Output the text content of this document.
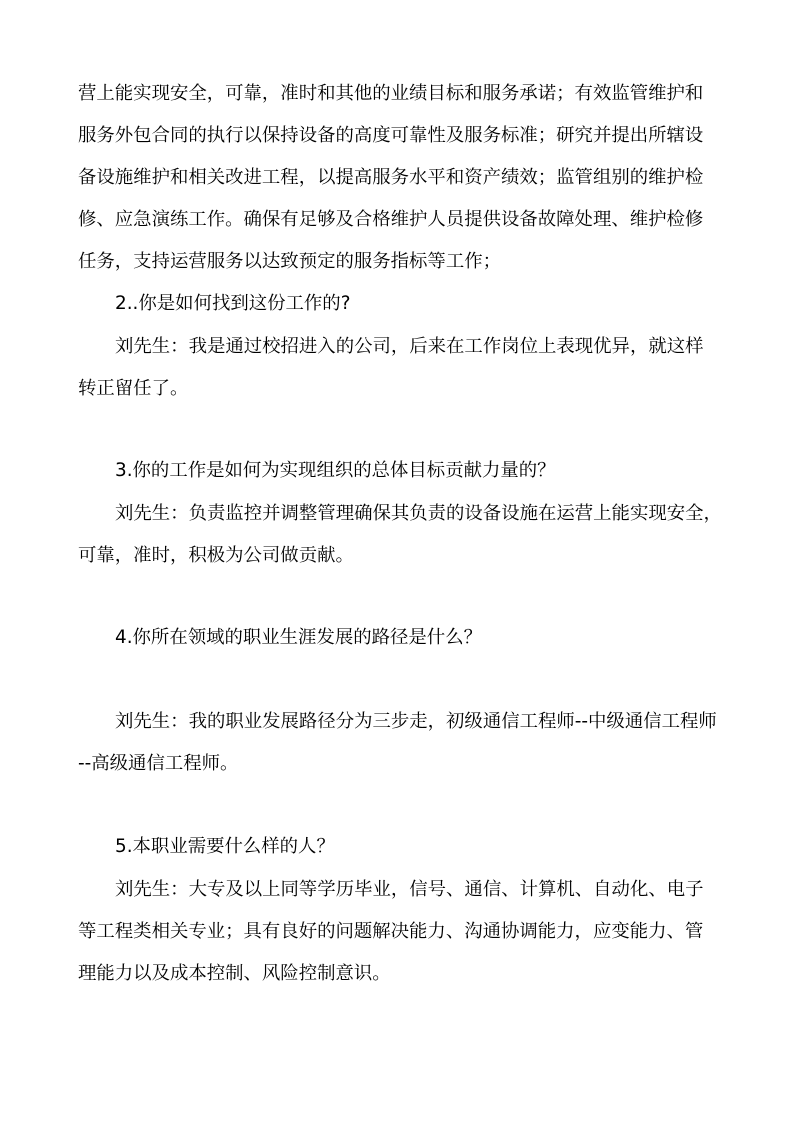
营上能实现安全，可靠，准时和其他的业绩目标和服务承诺；有效监管维护和
服务外包合同的执行以保持设备的高度可靠性及服务标准；研究并提出所辖设
备设施维护和相关改进工程，以提高服务水平和资产绩效；监管组别的维护检
修、应急演练工作。确保有足够及合格维护人员提供设备故障处理、维护检修
任务，支持运营服务以达致预定的服务指标等工作；
2..你是如何找到这份工作的?
刘先生：我是通过校招进入的公司，后来在工作岗位上表现优异，就这样
转正留任了。
3.你的工作是如何为实现组织的总体目标贡献力量的？
刘先生：负责监控并调整管理确保其负责的设备设施在运营上能实现安全，
可靠，准时，积极为公司做贡献。
4.你所在领域的职业生涯发展的路径是什么？
刘先生：我的职业发展路径分为三步走，初级通信工程师--中级通信工程师
--高级通信工程师。
5.本职业需要什么样的人？
刘先生：大专及以上同等学历毕业，信号、通信、计算机、自动化、电子
等工程类相关专业；具有良好的问题解决能力、沟通协调能力，应变能力、管
理能力以及成本控制、风险控制意识。
